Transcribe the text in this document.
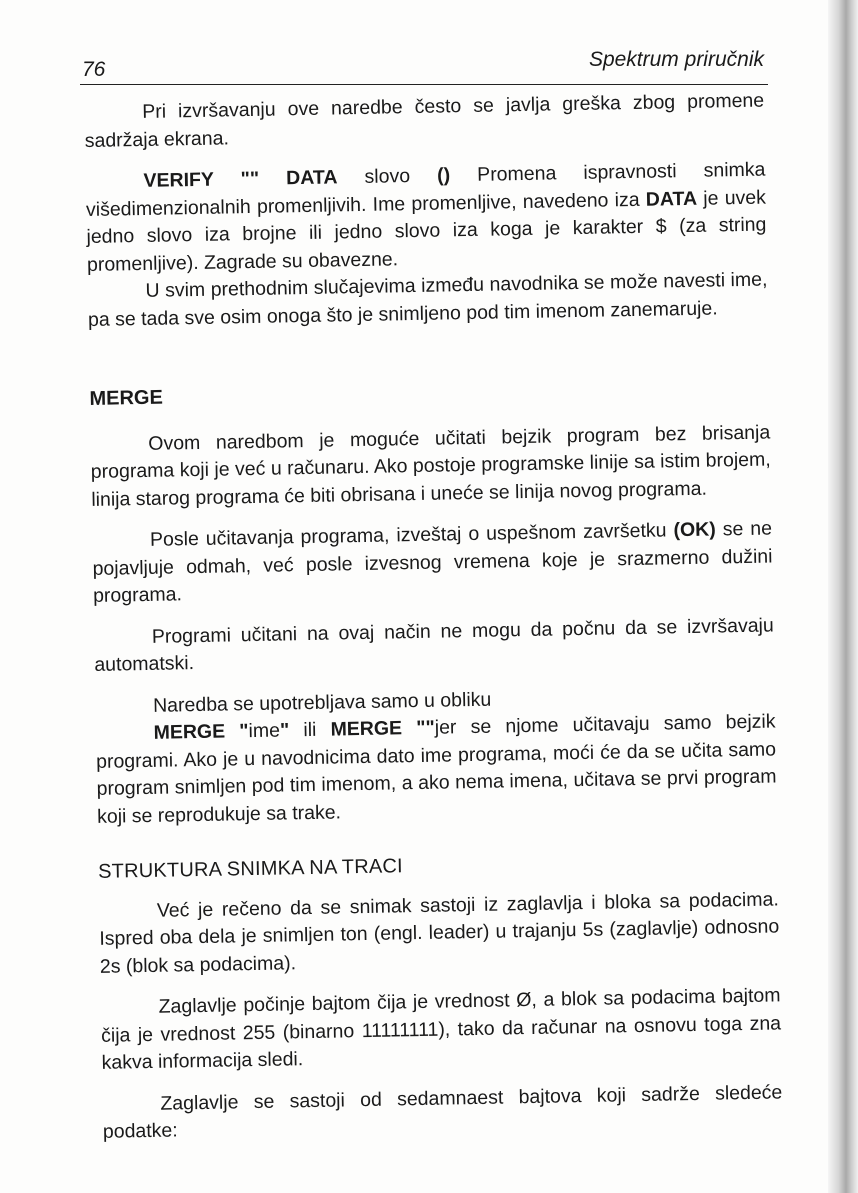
76	Spektrum priručnik

Pri izvršavanju ove naredbe često se javlja greška zbog promene sadržaja ekrana.

VERIFY "" DATA slovo () Promena ispravnosti snimka višedimenzionalnih promenljivih. Ime promenljive, navedeno iza DATA je uvek jedno slovo iza brojne ili jedno slovo iza koga je karakter $ (za string promenljive). Zagrade su obavezne.

U svim prethodnim slučajevima između navodnika se može navesti ime, pa se tada sve osim onoga što je snimljeno pod tim imenom zanemaruje.

MERGE

Ovom naredbom je moguće učitati bejzik program bez brisanja programa koji je već u računaru. Ako postoje programske linije sa istim brojem, linija starog programa će biti obrisana i uneće se linija novog programa.

Posle učitavanja programa, izveštaj o uspešnom završetku (OK) se ne pojavljuje odmah, već posle izvesnog vremena koje je srazmerno dužini programa.

Programi učitani na ovaj način ne mogu da počnu da se izvršavaju automatski.

Naredba se upotrebljava samo u obliku

MERGE "ime" ili MERGE ""jer se njome učitavaju samo bejzik programi. Ako je u navodnicima dato ime programa, moći će da se učita samo program snimljen pod tim imenom, a ako nema imena, učitava se prvi program koji se reprodukuje sa trake.

STRUKTURA SNIMKA NA TRACI

Već je rečeno da se snimak sastoji iz zaglavlja i bloka sa podacima. Ispred oba dela je snimljen ton (engl. leader) u trajanju 5s (zaglavlje) odnosno 2s (blok sa podacima).

Zaglavlje počinje bajtom čija je vrednost Ø, a blok sa podacima bajtom čija je vrednost 255 (binarno 11111111), tako da računar na osnovu toga zna kakva informacija sledi.

Zaglavlje se sastoji od sedamnaest bajtova koji sadrže sledeće podatke:
